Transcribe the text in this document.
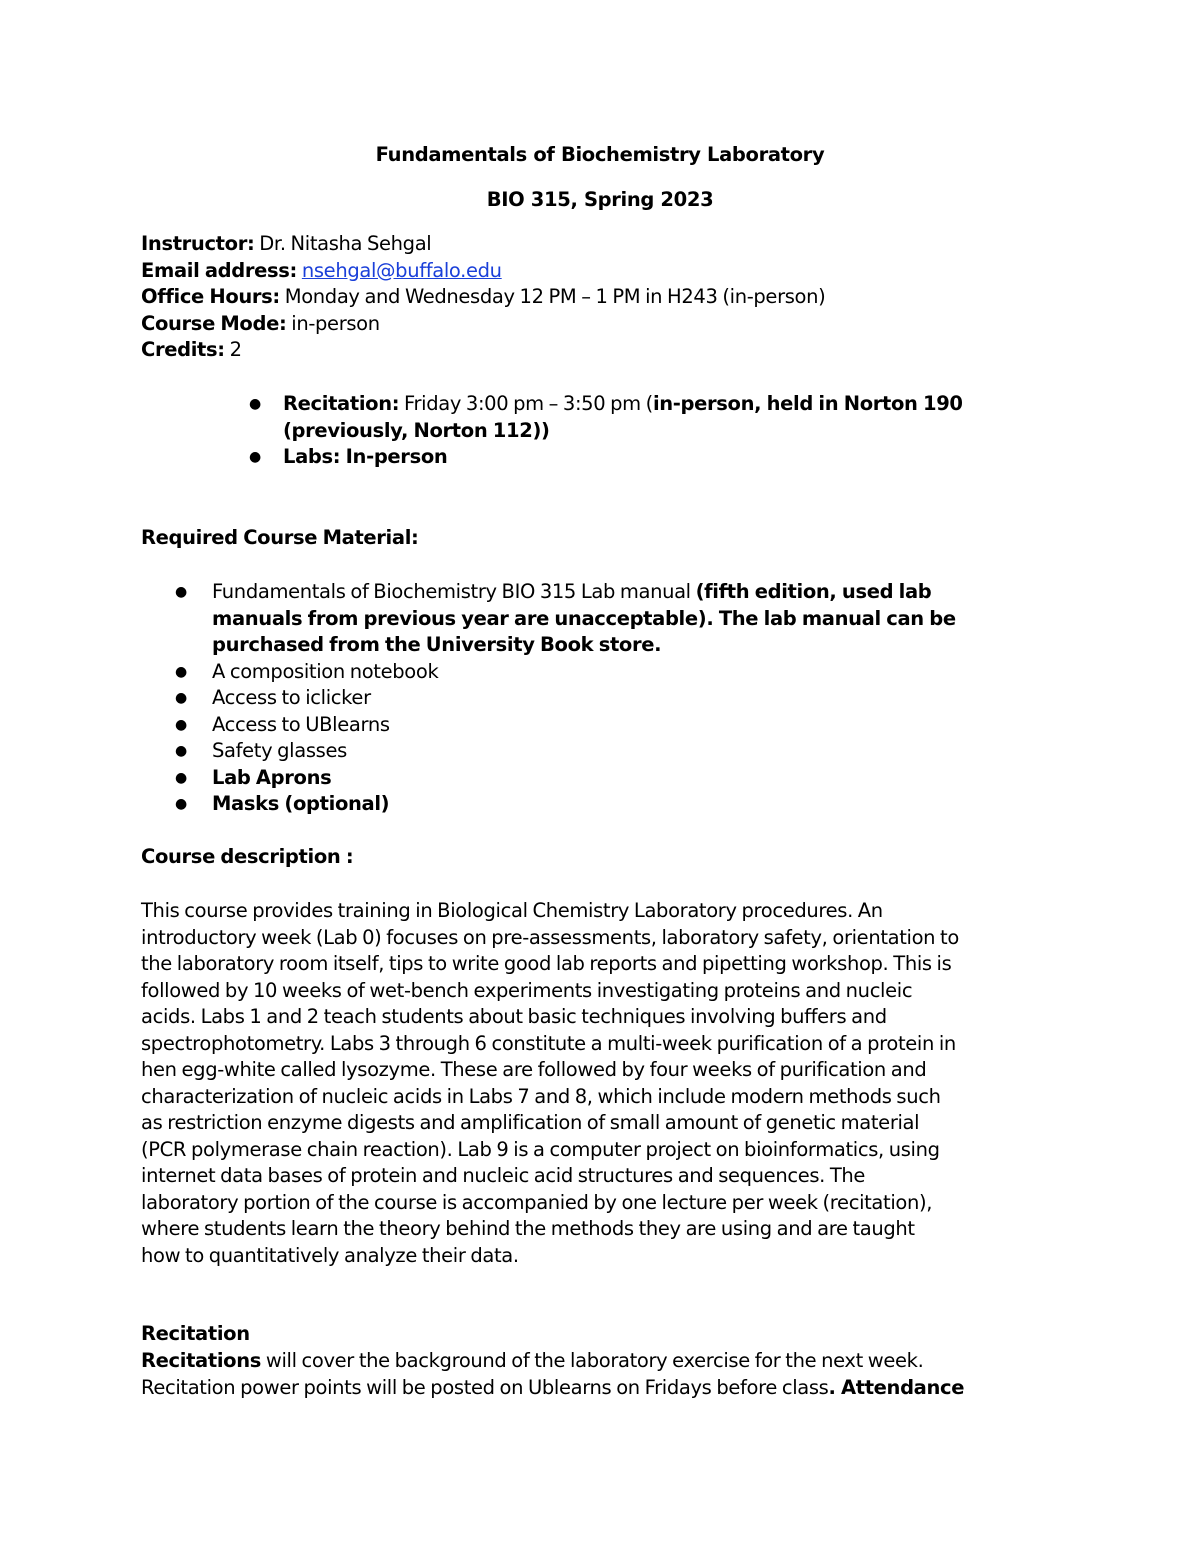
Fundamentals of Biochemistry Laboratory
BIO 315, Spring 2023
Instructor: Dr. Nitasha Sehgal
Email address: nsehgal@buffalo.edu
Office Hours: Monday and Wednesday 12 PM – 1 PM in H243 (in-person)
Course Mode: in-person
Credits: 2
● Recitation: Friday 3:00 pm – 3:50 pm (in-person, held in Norton 190
(previously, Norton 112))
● Labs: In-person
Required Course Material:
● Fundamentals of Biochemistry BIO 315 Lab manual (fifth edition, used lab
manuals from previous year are unacceptable). The lab manual can be
purchased from the University Book store.
● A composition notebook
● Access to iclicker
● Access to UBlearns
● Safety glasses
● Lab Aprons
● Masks (optional)
Course description :
This course provides training in Biological Chemistry Laboratory procedures. An
introductory week (Lab 0) focuses on pre-assessments, laboratory safety, orientation to
the laboratory room itself, tips to write good lab reports and pipetting workshop. This is
followed by 10 weeks of wet-bench experiments investigating proteins and nucleic
acids. Labs 1 and 2 teach students about basic techniques involving buffers and
spectrophotometry. Labs 3 through 6 constitute a multi-week purification of a protein in
hen egg-white called lysozyme. These are followed by four weeks of purification and
characterization of nucleic acids in Labs 7 and 8, which include modern methods such
as restriction enzyme digests and amplification of small amount of genetic material
(PCR polymerase chain reaction). Lab 9 is a computer project on bioinformatics, using
internet data bases of protein and nucleic acid structures and sequences. The
laboratory portion of the course is accompanied by one lecture per week (recitation),
where students learn the theory behind the methods they are using and are taught
how to quantitatively analyze their data.
Recitation
Recitations will cover the background of the laboratory exercise for the next week.
Recitation power points will be posted on Ublearns on Fridays before class. Attendance
